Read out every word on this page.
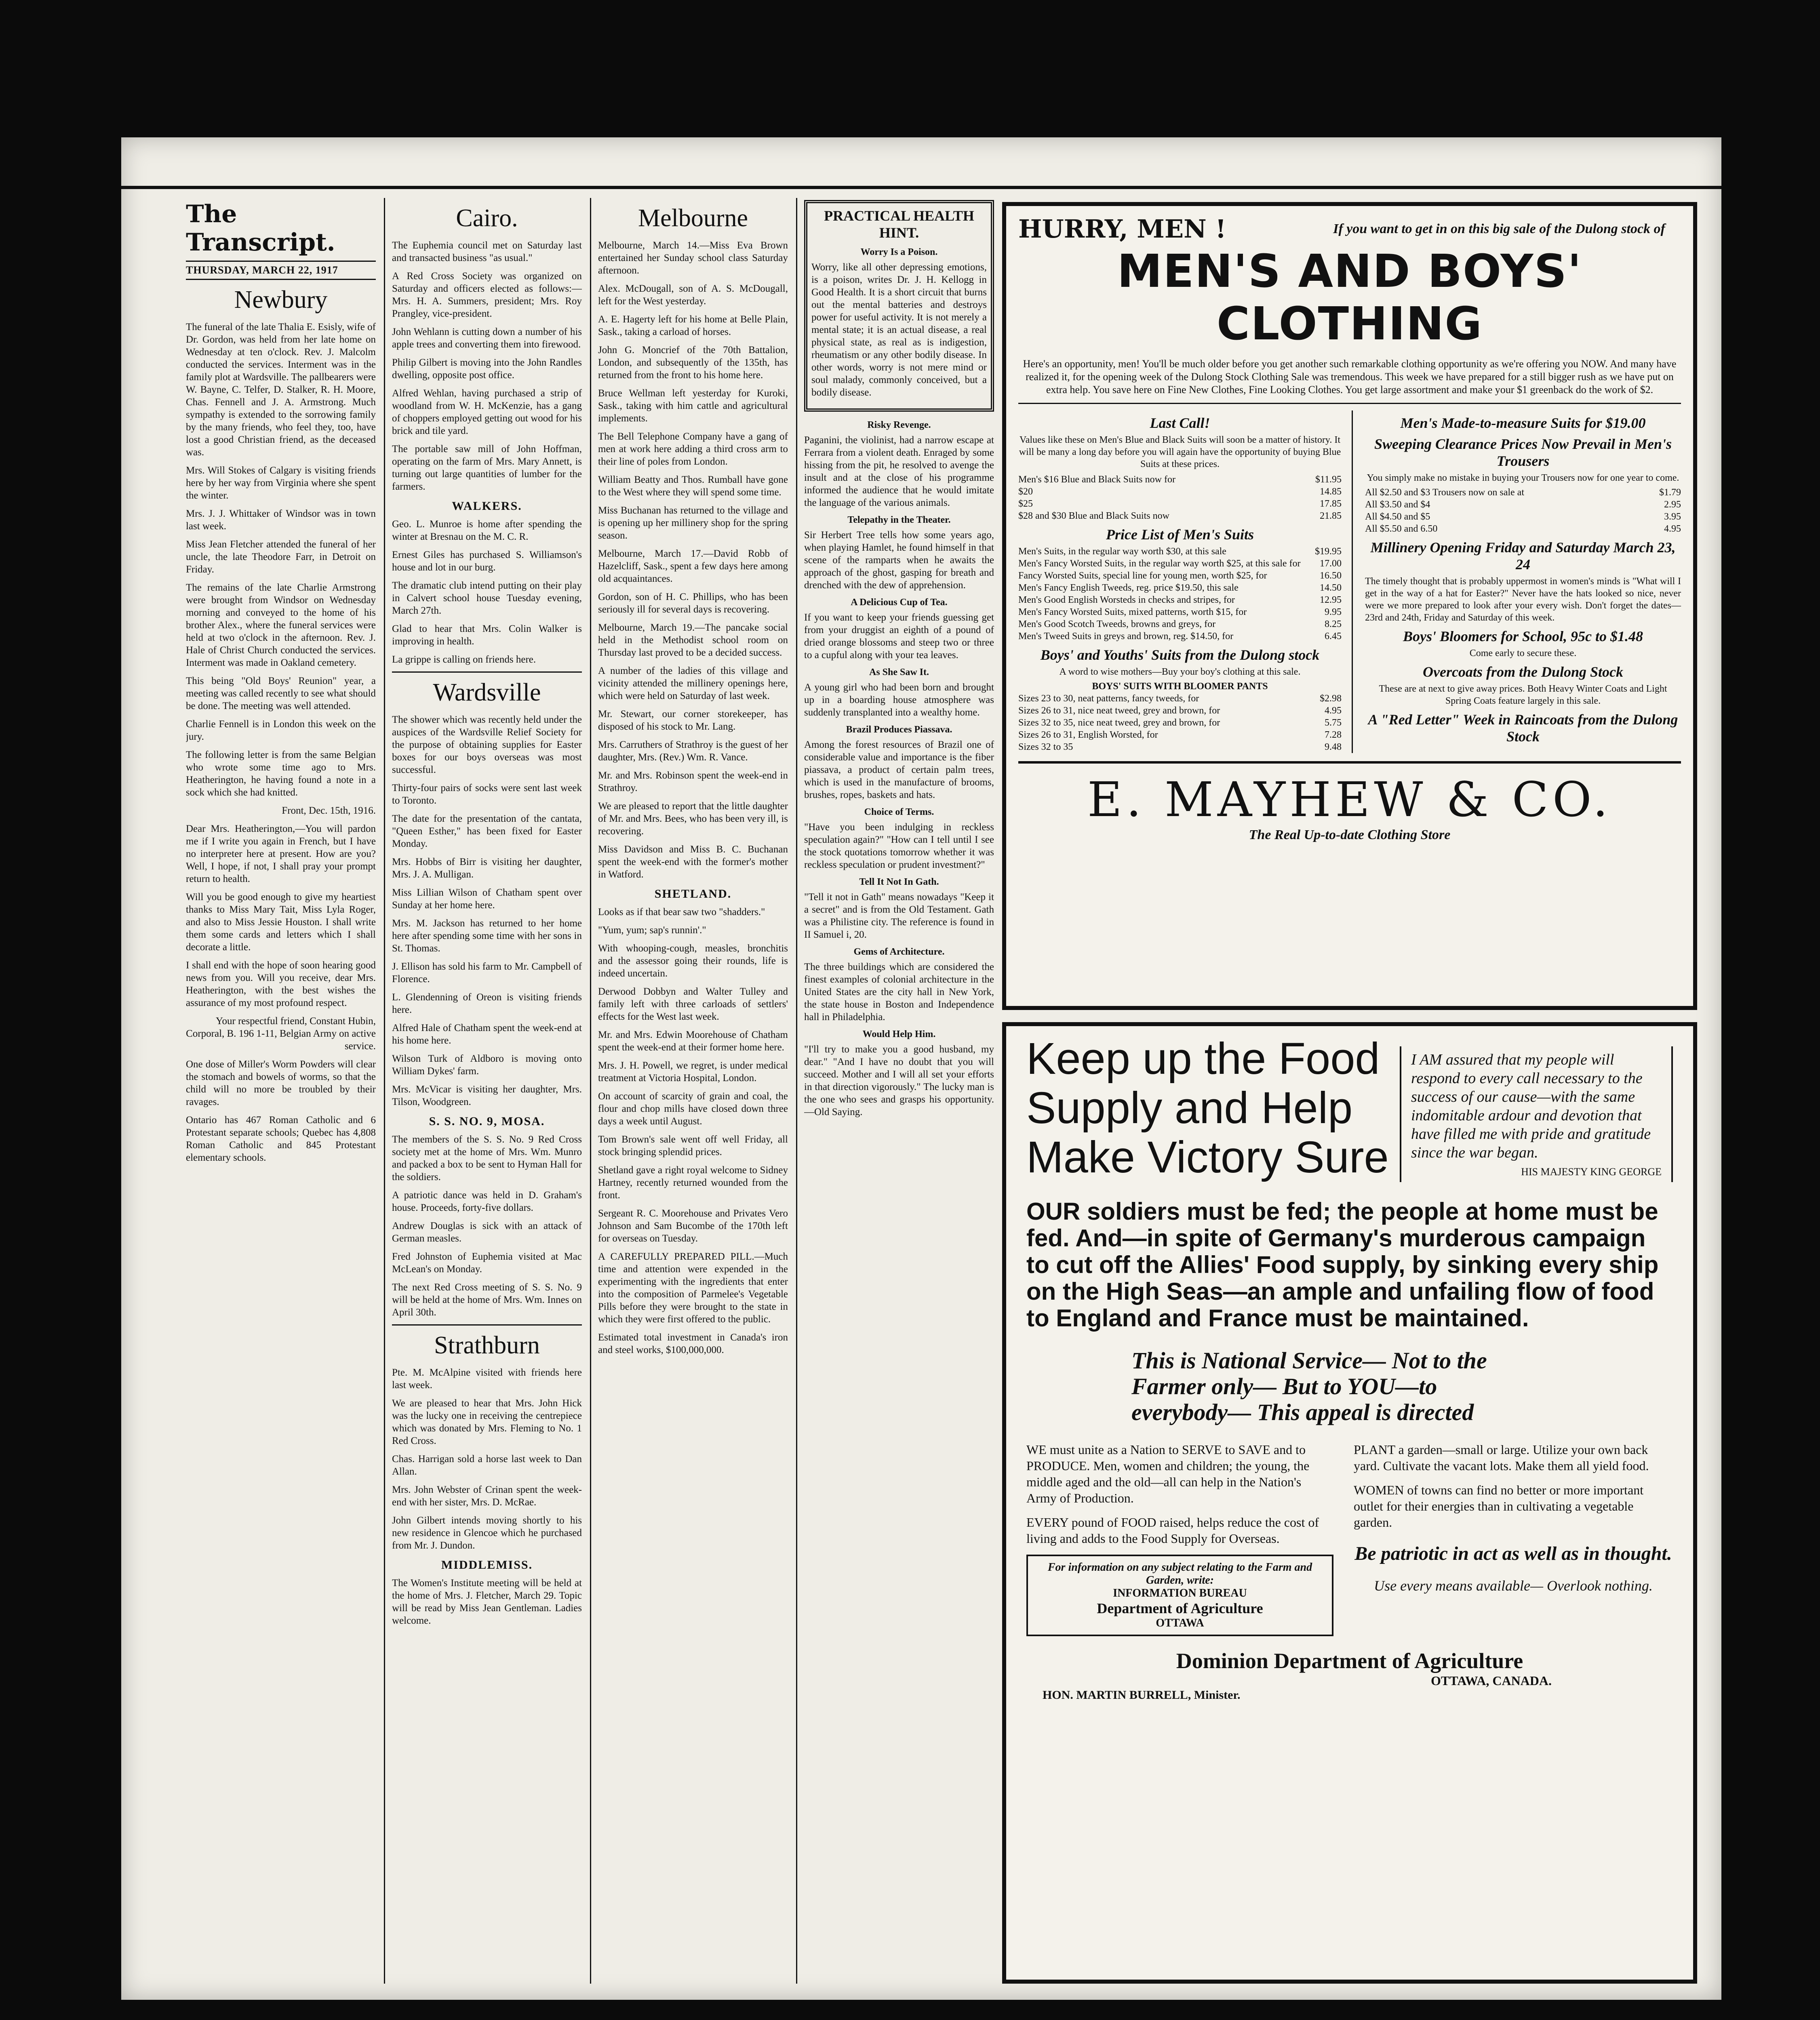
The Transcript.
THURSDAY, MARCH 22, 1917
Newbury

The funeral of the late Thalia E. Esisly, wife of Dr. Gordon, was held from her late home on Wednesday at ten o'clock. Rev. J. Malcolm conducted the services. Interment was in the family plot at Wardsville. The pallbearers were W. Bayne, C. Telfer, D. Stalker, R. H. Moore, Chas. Fennell and J. A. Armstrong. Much sympathy is extended to the sorrowing family by the many friends, who feel they, too, have lost a good Christian friend, as the deceased was.

Mrs. Will Stokes of Calgary is visiting friends here by her way from Virginia where she spent the winter.

Mrs. J. J. Whittaker of Windsor was in town last week.

Miss Jean Fletcher attended the funeral of her uncle, the late Theodore Farr, in Detroit on Friday.

The remains of the late Charlie Armstrong were brought from Windsor on Wednesday morning and conveyed to the home of his brother Alex., where the funeral services were held at two o'clock in the afternoon. Rev. J. Hale of Christ Church conducted the services. Interment was made in Oakland cemetery.

This being "Old Boys' Reunion" year, a meeting was called recently to see what should be done. The meeting was well attended.

Charlie Fennell is in London this week on the jury.

The following letter is from the same Belgian who wrote some time ago to Mrs. Heatherington, he having found a note in a sock which she had knitted.

Front, Dec. 15th, 1916.

Dear Mrs. Heatherington,—You will pardon me if I write you again in French, but I have no interpreter here at present. How are you? Well, I hope, if not, I shall pray your prompt return to health.

Will you be good enough to give my heartiest thanks to Miss Mary Tait, Miss Lyla Roger, and also to Miss Jessie Houston. I shall write them some cards and letters which I shall decorate a little.

I shall end with the hope of soon hearing good news from you. Will you receive, dear Mrs. Heatherington, with the best wishes the assurance of my most profound respect.

Your respectful friend, Constant Hubin, Corporal, B. 196 1-11, Belgian Army on active service.

One dose of Miller's Worm Powders will clear the stomach and bowels of worms, so that the child will no more be troubled by their ravages.

Ontario has 467 Roman Catholic and 6 Protestant separate schools; Quebec has 4,808 Roman Catholic and 845 Protestant elementary schools.

Cairo.

The Euphemia council met on Saturday last and transacted business "as usual."

A Red Cross Society was organized on Saturday and officers elected as follows:—Mrs. H. A. Summers, president; Mrs. Roy Prangley, vice-president.

John Wehlann is cutting down a number of his apple trees and converting them into firewood.

Philip Gilbert is moving into the John Randles dwelling, opposite post office.

Alfred Wehlan, having purchased a strip of woodland from W. H. McKenzie, has a gang of choppers employed getting out wood for his brick and tile yard.

The portable saw mill of John Hoffman, operating on the farm of Mrs. Mary Annett, is turning out large quantities of lumber for the farmers.

WALKERS.

Geo. L. Munroe is home after spending the winter at Bresnau on the M. C. R.

Ernest Giles has purchased S. Williamson's house and lot in our burg.

The dramatic club intend putting on their play in Calvert school house Tuesday evening, March 27th.

Glad to hear that Mrs. Colin Walker is improving in health.

La grippe is calling on friends here.

Wardsville

The shower which was recently held under the auspices of the Wardsville Relief Society for the purpose of obtaining supplies for Easter boxes for our boys overseas was most successful.

Thirty-four pairs of socks were sent last week to Toronto.

The date for the presentation of the cantata, "Queen Esther," has been fixed for Easter Monday.

Mrs. Hobbs of Birr is visiting her daughter, Mrs. J. A. Mulligan.

Miss Lillian Wilson of Chatham spent over Sunday at her home here.

Mrs. M. Jackson has returned to her home here after spending some time with her sons in St. Thomas.

J. Ellison has sold his farm to Mr. Campbell of Florence.

L. Glendenning of Oreon is visiting friends here.

Alfred Hale of Chatham spent the week-end at his home here.

Wilson Turk of Aldboro is moving onto William Dykes' farm.

Mrs. McVicar is visiting her daughter, Mrs. Tilson, Woodgreen.

S. S. NO. 9, MOSA.

The members of the S. S. No. 9 Red Cross society met at the home of Mrs. Wm. Munro and packed a box to be sent to Hyman Hall for the soldiers.

A patriotic dance was held in D. Graham's house. Proceeds, forty-five dollars.

Andrew Douglas is sick with an attack of German measles.

Fred Johnston of Euphemia visited at Mac McLean's on Monday.

The next Red Cross meeting of S. S. No. 9 will be held at the home of Mrs. Wm. Innes on April 30th.

Strathburn

Pte. M. McAlpine visited with friends here last week.

We are pleased to hear that Mrs. John Hick was the lucky one in receiving the centrepiece which was donated by Mrs. Fleming to No. 1 Red Cross.

Chas. Harrigan sold a horse last week to Dan Allan.

Mrs. John Webster of Crinan spent the week-end with her sister, Mrs. D. McRae.

John Gilbert intends moving shortly to his new residence in Glencoe which he purchased from Mr. J. Dundon.

MIDDLEMISS.

The Women's Institute meeting will be held at the home of Mrs. J. Fletcher, March 29. Topic will be read by Miss Jean Gentleman. Ladies welcome.

Melbourne

Melbourne, March 14.—Miss Eva Brown entertained her Sunday school class Saturday afternoon.

Alex. McDougall, son of A. S. McDougall, left for the West yesterday.

A. E. Hagerty left for his home at Belle Plain, Sask., taking a carload of horses.

John G. Moncrief of the 70th Battalion, London, and subsequently of the 135th, has returned from the front to his home here.

Bruce Wellman left yesterday for Kuroki, Sask., taking with him cattle and agricultural implements.

The Bell Telephone Company have a gang of men at work here adding a third cross arm to their line of poles from London.

William Beatty and Thos. Rumball have gone to the West where they will spend some time.

Miss Buchanan has returned to the village and is opening up her millinery shop for the spring season.

Melbourne, March 17.—David Robb of Hazelcliff, Sask., spent a few days here among old acquaintances.

Gordon, son of H. C. Phillips, who has been seriously ill for several days is recovering.

Melbourne, March 19.—The pancake social held in the Methodist school room on Thursday last proved to be a decided success.

A number of the ladies of this village and vicinity attended the millinery openings here, which were held on Saturday of last week.

Mr. Stewart, our corner storekeeper, has disposed of his stock to Mr. Lang.

Mrs. Carruthers of Strathroy is the guest of her daughter, Mrs. (Rev.) Wm. R. Vance.

Mr. and Mrs. Robinson spent the week-end in Strathroy.

We are pleased to report that the little daughter of Mr. and Mrs. Bees, who has been very ill, is recovering.

Miss Davidson and Miss B. C. Buchanan spent the week-end with the former's mother in Watford.

SHETLAND.

Looks as if that bear saw two "shadders."

"Yum, yum; sap's runnin'."

With whooping-cough, measles, bronchitis and the assessor going their rounds, life is indeed uncertain.

Derwood Dobbyn and Walter Tulley and family left with three carloads of settlers' effects for the West last week.

Mr. and Mrs. Edwin Moorehouse of Chatham spent the week-end at their former home here.

Mrs. J. H. Powell, we regret, is under medical treatment at Victoria Hospital, London.

On account of scarcity of grain and coal, the flour and chop mills have closed down three days a week until August.

Tom Brown's sale went off well Friday, all stock bringing splendid prices.

Shetland gave a right royal welcome to Sidney Hartney, recently returned wounded from the front.

Sergeant R. C. Moorehouse and Privates Vero Johnson and Sam Bucombe of the 170th left for overseas on Tuesday.

A CAREFULLY PREPARED PILL.—Much time and attention were expended in the experimenting with the ingredients that enter into the composition of Parmelee's Vegetable Pills before they were brought to the state in which they were first offered to the public.

Estimated total investment in Canada's iron and steel works, $100,000,000.

PRACTICAL HEALTH HINT.
Worry Is a Poison.

Worry, like all other depressing emotions, is a poison, writes Dr. J. H. Kellogg in Good Health. It is a short circuit that burns out the mental batteries and destroys power for useful activity. It is not merely a mental state; it is an actual disease, a real physical state, as real as is indigestion, rheumatism or any other bodily disease. In other words, worry is not mere mind or soul malady, commonly conceived, but a bodily disease.

Risky Revenge.

Paganini, the violinist, had a narrow escape at Ferrara from a violent death. Enraged by some hissing from the pit, he resolved to avenge the insult and at the close of his programme informed the audience that he would imitate the language of the various animals.

Telepathy in the Theater.

Sir Herbert Tree tells how some years ago, when playing Hamlet, he found himself in that scene of the ramparts when he awaits the approach of the ghost, gasping for breath and drenched with the dew of apprehension.

A Delicious Cup of Tea.

If you want to keep your friends guessing get from your druggist an eighth of a pound of dried orange blossoms and steep two or three to a cupful along with your tea leaves.

As She Saw It.

A young girl who had been born and brought up in a boarding house atmosphere was suddenly transplanted into a wealthy home.

Brazil Produces Piassava.

Among the forest resources of Brazil one of considerable value and importance is the fiber piassava, a product of certain palm trees, which is used in the manufacture of brooms, brushes, ropes, baskets and hats.

Choice of Terms.

"Have you been indulging in reckless speculation again?" "How can I tell until I see the stock quotations tomorrow whether it was reckless speculation or prudent investment?"

Tell It Not In Gath.

"Tell it not in Gath" means nowadays "Keep it a secret" and is from the Old Testament. Gath was a Philistine city. The reference is found in II Samuel i, 20.

Gems of Architecture.

The three buildings which are considered the finest examples of colonial architecture in the United States are the city hall in New York, the state house in Boston and Independence hall in Philadelphia.

Would Help Him.

"I'll try to make you a good husband, my dear." "And I have no doubt that you will succeed. Mother and I will all set your efforts in that direction vigorously." The lucky man is the one who sees and grasps his opportunity.—Old Saying.

HURRY, MEN !	If you want to get in on this big sale of the Dulong stock of
MEN'S AND BOYS' CLOTHING
Here's an opportunity, men! You'll be much older before you get another such remarkable clothing opportunity as we're offering you NOW. And many have realized it, for the opening week of the Dulong Stock Clothing Sale was tremendous. This week we have prepared for a still bigger rush as we have put on extra help. You save here on Fine New Clothes, Fine Looking Clothes. You get large assortment and make your $1 greenback do the work of $2.
Last Call!
Values like these on Men's Blue and Black Suits will soon be a matter of history. It will be many a long day before you will again have the opportunity of buying Blue Suits at these prices.
Men's $16 Blue and Black Suits now for	$11.95
$20	14.85
$25	17.85
$28 and $30 Blue and Black Suits now	21.85
Price List of Men's Suits
Men's Suits, in the regular way worth $30, at this sale	$19.95
Men's Fancy Worsted Suits, in the regular way worth $25, at this sale for 17.00
Fancy Worsted Suits, special line for young men, worth $25, for	16.50
Men's Fancy English Tweeds, reg. price $19.50, this sale	14.50
Men's Good English Worsteds in checks and stripes, for	12.95
Men's Fancy Worsted Suits, mixed patterns, worth $15, for	9.95
Men's Good Scotch Tweeds, browns and greys, for	8.25
Men's Tweed Suits in greys and brown, reg. $14.50, for	6.45
Boys' and Youths' Suits from the Dulong stock
A word to wise mothers—Buy your boy's clothing at this sale.
BOYS' SUITS WITH BLOOMER PANTS
Sizes 23 to 30, neat patterns, fancy tweeds, for	$2.98
Sizes 26 to 31, nice neat tweed, grey and brown, for	4.95
Sizes 32 to 35, nice neat tweed, grey and brown, for	5.75
Sizes 26 to 31, English Worsted, for	7.28
Sizes 32 to 35	9.48
Men's Made-to-measure Suits for $19.00
Sweeping Clearance Prices Now Prevail in Men's Trousers
You simply make no mistake in buying your Trousers now for one year to come.
All $2.50 and $3 Trousers now on sale at	$1.79
All $3.50 and $4	2.95
All $4.50 and $5	3.95
All $5.50 and 6.50	4.95
Millinery Opening Friday and Saturday March 23, 24
The timely thought that is probably uppermost in women's minds is "What will I get in the way of a hat for Easter?" Never have the hats looked so nice, never were we more prepared to look after your every wish. Don't forget the dates—23rd and 24th, Friday and Saturday of this week.
Boys' Bloomers for School, 95c to $1.48
Come early to secure these.
Overcoats from the Dulong Stock
These are at next to give away prices. Both Heavy Winter Coats and Light Spring Coats feature largely in this sale.
A "Red Letter" Week in Raincoats from the Dulong Stock
E. MAYHEW & CO.
The Real Up-to-date Clothing Store
Keep up the Food Supply and Help Make Victory Sure
I AM assured that my people will respond to every call necessary to the success of our cause—with the same indomitable ardour and devotion that have filled me with pride and gratitude since the war began.
HIS MAJESTY KING GEORGE
OUR soldiers must be fed; the people at home must be fed. And—in spite of Germany's murderous campaign to cut off the Allies' Food supply, by sinking every ship on the High Seas—an ample and unfailing flow of food to England and France must be maintained.
This is National Service— Not to the Farmer only— But to YOU—to everybody— This appeal is directed
WE must unite as a Nation to SERVE to SAVE and to PRODUCE. Men, women and children; the young, the middle aged and the old—all can help in the Nation's Army of Production.
EVERY pound of FOOD raised, helps reduce the cost of living and adds to the Food Supply for Overseas.
For information on any subject relating to the Farm and Garden, write:
INFORMATION BUREAU
Department of Agriculture
OTTAWA
PLANT a garden—small or large. Utilize your own back yard. Cultivate the vacant lots. Make them all yield food.
WOMEN of towns can find no better or more important outlet for their energies than in cultivating a vegetable garden.
Be patriotic in act as well as in thought.
Use every means available— Overlook nothing.
Dominion Department of Agriculture
OTTAWA, CANADA.
HON. MARTIN BURRELL, Minister.
